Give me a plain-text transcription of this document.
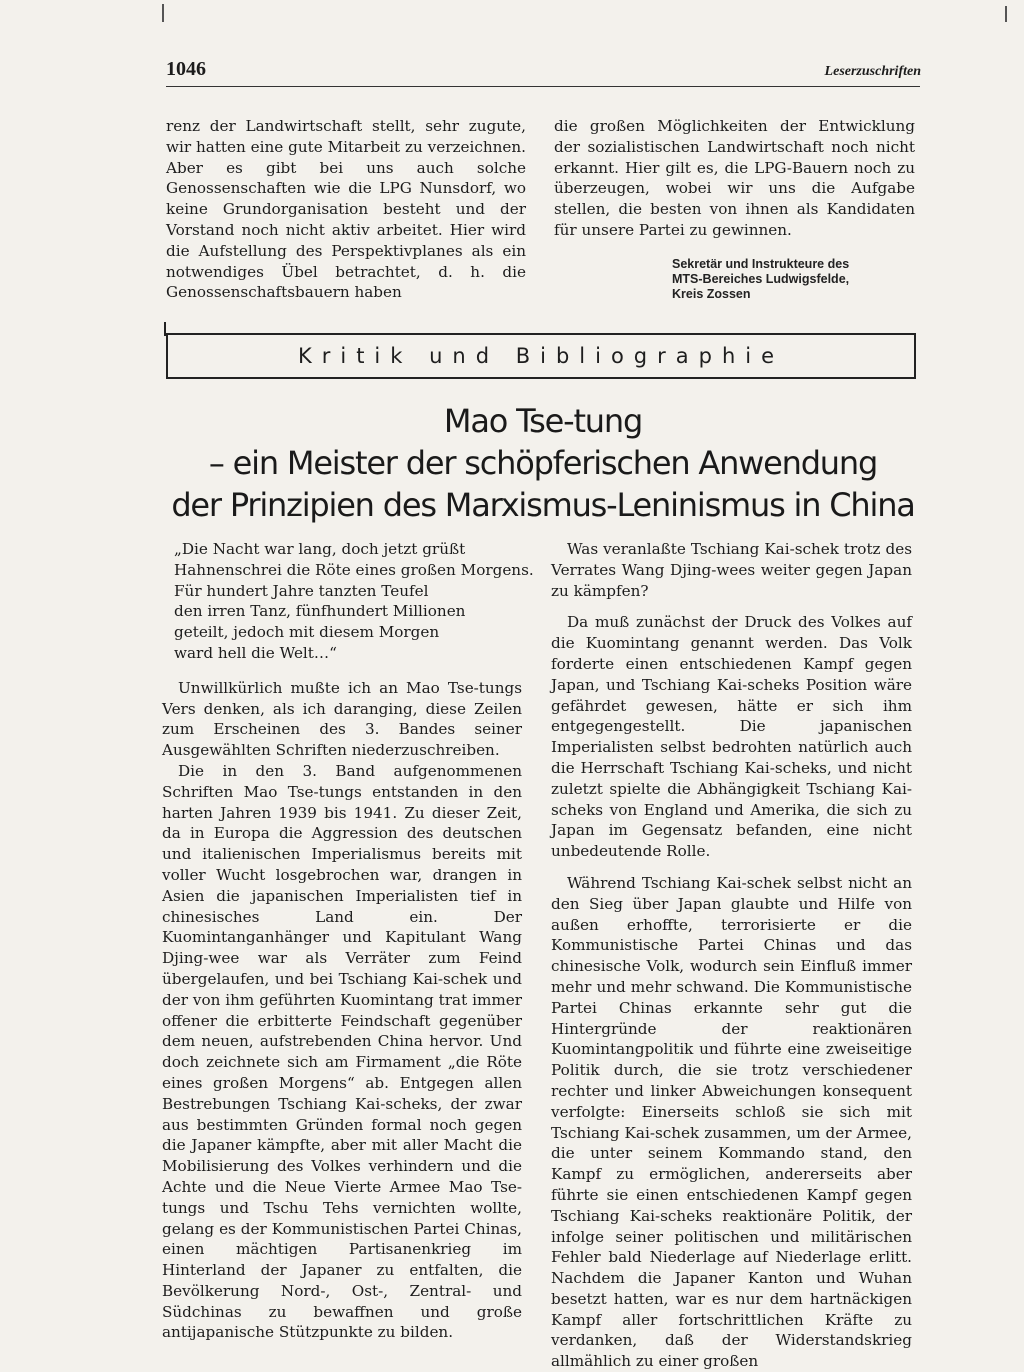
1046	Leserzuschriften

renz der Landwirtschaft stellt, sehr zugute, wir hatten eine gute Mitarbeit zu verzeichnen. Aber es gibt bei uns auch solche Genossenschaften wie die LPG Nunsdorf, wo keine Grundorganisation besteht und der Vorstand noch nicht aktiv arbeitet. Hier wird die Aufstellung des Perspektivplanes als ein notwendiges Übel betrachtet, d. h. die Genossenschaftsbauern haben

die großen Möglichkeiten der Entwicklung der sozialistischen Landwirtschaft noch nicht erkannt. Hier gilt es, die LPG-Bauern noch zu überzeugen, wobei wir uns die Aufgabe stellen, die besten von ihnen als Kandidaten für unsere Partei zu gewinnen.

Sekretär und Instrukteure des
MTS-Bereiches Ludwigsfelde,
Kreis Zossen
Kritik und Bibliographie
Mao Tse-tung
– ein Meister der schöpferischen Anwendung
der Prinzipien des Marxismus-Leninismus in China
„Die Nacht war lang, doch jetzt grüßt
Hahnenschrei die Röte eines großen Morgens.
Für hundert Jahre tanzten Teufel
den irren Tanz, fünfhundert Millionen
geteilt, jedoch mit diesem Morgen
ward hell die Welt…“

Unwillkürlich mußte ich an Mao Tse-tungs Vers denken, als ich daranging, diese Zeilen zum Erscheinen des 3. Bandes seiner Ausgewählten Schriften niederzuschreiben.

Die in den 3. Band aufgenommenen Schriften Mao Tse-tungs entstanden in den harten Jahren 1939 bis 1941. Zu dieser Zeit, da in Europa die Aggression des deutschen und italienischen Imperialismus bereits mit voller Wucht losgebrochen war, drangen in Asien die japanischen Imperialisten tief in chinesisches Land ein. Der Kuomintanganhänger und Kapitulant Wang Djing-wee war als Verräter zum Feind übergelaufen, und bei Tschiang Kai-schek und der von ihm geführten Kuomintang trat immer offener die erbitterte Feindschaft gegenüber dem neuen, aufstrebenden China hervor. Und doch zeichnete sich am Firmament „die Röte eines großen Morgens“ ab. Entgegen allen Bestrebungen Tschiang Kai-scheks, der zwar aus bestimmten Gründen formal noch gegen die Japaner kämpfte, aber mit aller Macht die Mobilisierung des Volkes verhindern und die Achte und die Neue Vierte Armee Mao Tse-tungs und Tschu Tehs vernichten wollte, gelang es der Kommunistischen Partei Chinas, einen mächtigen Partisanenkrieg im Hinterland der Japaner zu entfalten, die Bevölkerung Nord-, Ost-, Zentral- und Südchinas zu bewaffnen und große antijapanische Stützpunkte zu bilden.

Was veranlaßte Tschiang Kai-schek trotz des Verrates Wang Djing-wees weiter gegen Japan zu kämpfen?

Da muß zunächst der Druck des Volkes auf die Kuomintang genannt werden. Das Volk forderte einen entschiedenen Kampf gegen Japan, und Tschiang Kai-scheks Position wäre gefährdet gewesen, hätte er sich ihm entgegengestellt. Die japanischen Imperialisten selbst bedrohten natürlich auch die Herrschaft Tschiang Kai-scheks, und nicht zuletzt spielte die Abhängigkeit Tschiang Kai-scheks von England und Amerika, die sich zu Japan im Gegensatz befanden, eine nicht unbedeutende Rolle.

Während Tschiang Kai-schek selbst nicht an den Sieg über Japan glaubte und Hilfe von außen erhoffte, terrorisierte er die Kommunistische Partei Chinas und das chinesische Volk, wodurch sein Einfluß immer mehr und mehr schwand. Die Kommunistische Partei Chinas erkannte sehr gut die Hintergründe der reaktionären Kuomintangpolitik und führte eine zweiseitige Politik durch, die sie trotz verschiedener rechter und linker Abweichungen konsequent verfolgte: Einerseits schloß sie sich mit Tschiang Kai-schek zusammen, um der Armee, die unter seinem Kommando stand, den Kampf zu ermöglichen, andererseits aber führte sie einen entschiedenen Kampf gegen Tschiang Kai-scheks reaktionäre Politik, der infolge seiner politischen und militärischen Fehler bald Niederlage auf Niederlage erlitt. Nachdem die Japaner Kanton und Wuhan besetzt hatten, war es nur dem hartnäckigen Kampf aller fortschrittlichen Kräfte zu verdanken, daß der Widerstandskrieg allmählich zu einer großen
